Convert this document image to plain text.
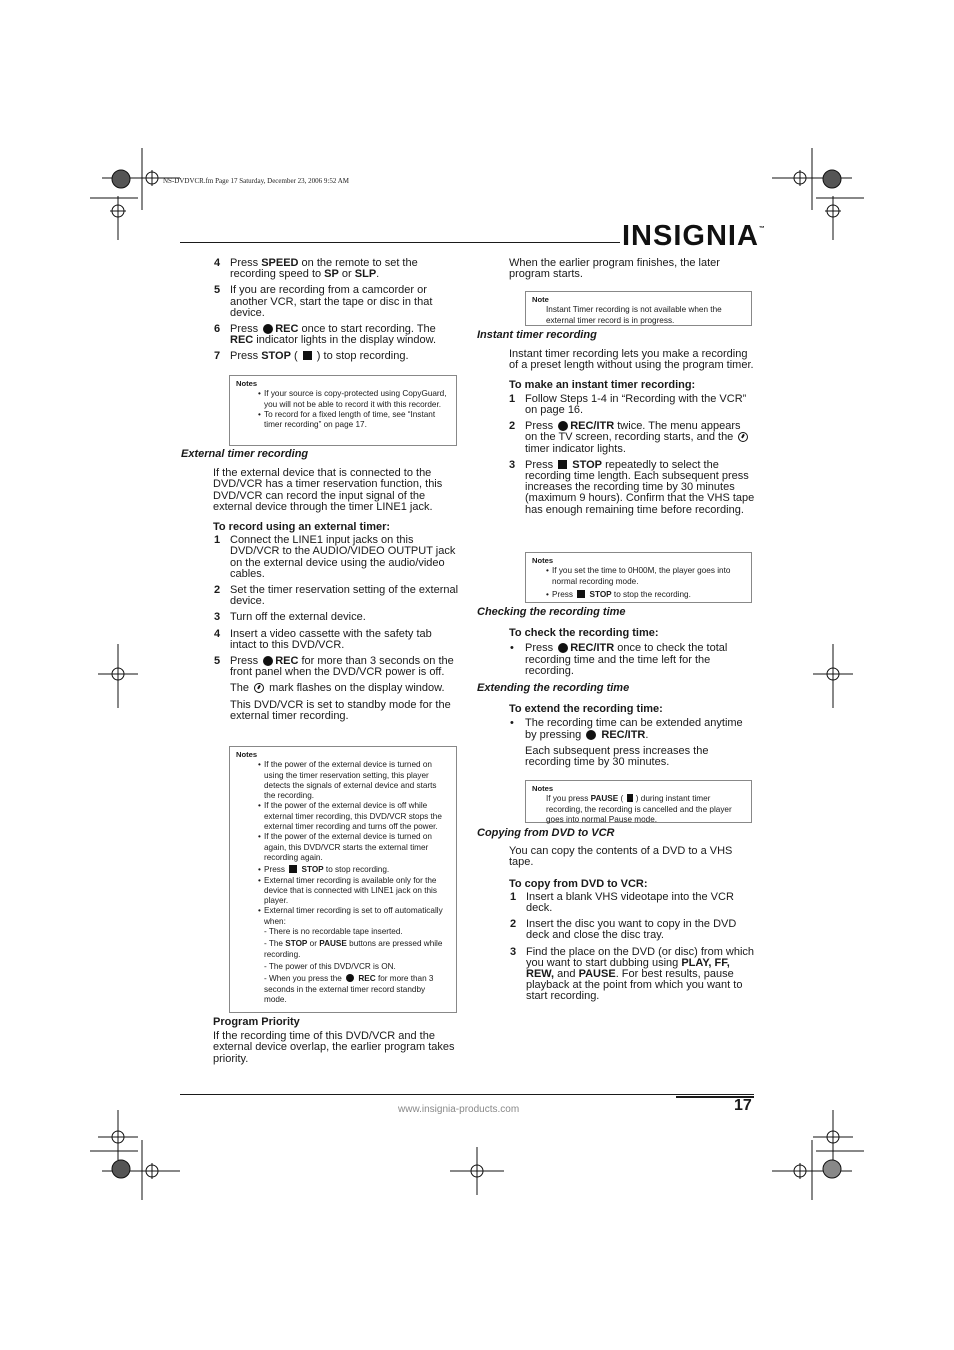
NS-DVDVCR.fm Page 17 Saturday, December 23, 2006 9:52 AM
INSIGNIA™

4 Press SPEED on the remote to set the recording speed to SP or SLP.

5 If you are recording from a camcorder or another VCR, start the tape or disc in that device.

6 Press REC once to start recording. The REC indicator lights in the display window.

7 Press STOP (  ) to stop recording.

Notes
• If your source is copy-protected using CopyGuard, you will not be able to record it with this recorder.
• To record for a fixed length of time, see “Instant timer recording” on page 17.

External timer recording

If the external device that is connected to the DVD/VCR has a timer reservation function, this DVD/VCR can record the input signal of the external device through the timer LINE1 jack.

To record using an external timer:

1 Connect the LINE1 input jacks on this DVD/VCR to the AUDIO/VIDEO OUTPUT jack on the external device using the audio/video cables.

2 Set the timer reservation setting of the external device.

3 Turn off the external device.

4 Insert a video cassette with the safety tab intact to this DVD/VCR.

5 Press REC for more than 3 seconds on the front panel when the DVD/VCR power is off.

The  mark flashes on the display window.

This DVD/VCR is set to standby mode for the external timer recording.

Notes
• If the power of the external device is turned on using the timer reservation setting, this player detects the signals of external device and starts the recording.
• If the power of the external device is off while external timer recording, this DVD/VCR stops the external timer recording and turns off the power.
• If the power of the external device is turned on again, this DVD/VCR starts the external timer recording again.
• Press  STOP to stop recording.
• External timer recording is available only for the device that is connected with LINE1 jack on this player.
• External timer recording is set to off automatically when:
- There is no recordable tape inserted.
- The STOP or PAUSE buttons are pressed while recording.
- The power of this DVD/VCR is ON.
- When you press the  REC for more than 3 seconds in the external timer record standby mode.

Program Priority

If the recording time of this DVD/VCR and the external device overlap, the earlier program takes priority.

When the earlier program finishes, the later program starts.

Note
Instant Timer recording is not available when the external timer record is in progress.

Instant timer recording

Instant timer recording lets you make a recording of a preset length without using the program timer.

To make an instant timer recording:

1 Follow Steps 1-4 in “Recording with the VCR” on page 16.

2 Press REC/ITR twice. The menu appears on the TV screen, recording starts, and the  timer indicator lights.

3 Press  STOP repeatedly to select the recording time length. Each subsequent press increases the recording time by 30 minutes (maximum 9 hours). Confirm that the VHS tape has enough remaining time before recording.

Notes
• If you set the time to 0H00M, the player goes into normal recording mode.
• Press  STOP to stop the recording.

Checking the recording time

To check the recording time:

• Press REC/ITR once to check the total recording time and the time left for the recording.

Extending the recording time

To extend the recording time:

• The recording time can be extended anytime by pressing  REC/ITR.

Each subsequent press increases the recording time by 30 minutes.

Notes
If you press PAUSE (  ) during instant timer recording, the recording is cancelled and the player goes into normal Pause mode.

Copying from DVD to VCR

You can copy the contents of a DVD to a VHS tape.

To copy from DVD to VCR:

1 Insert a blank VHS videotape into the VCR deck.

2 Insert the disc you want to copy in the DVD deck and close the disc tray.

3 Find the place on the DVD (or disc) from which you want to start dubbing using PLAY, FF, REW, and PAUSE. For best results, pause playback at the point from which you want to start recording.

www.insignia-products.com	17
